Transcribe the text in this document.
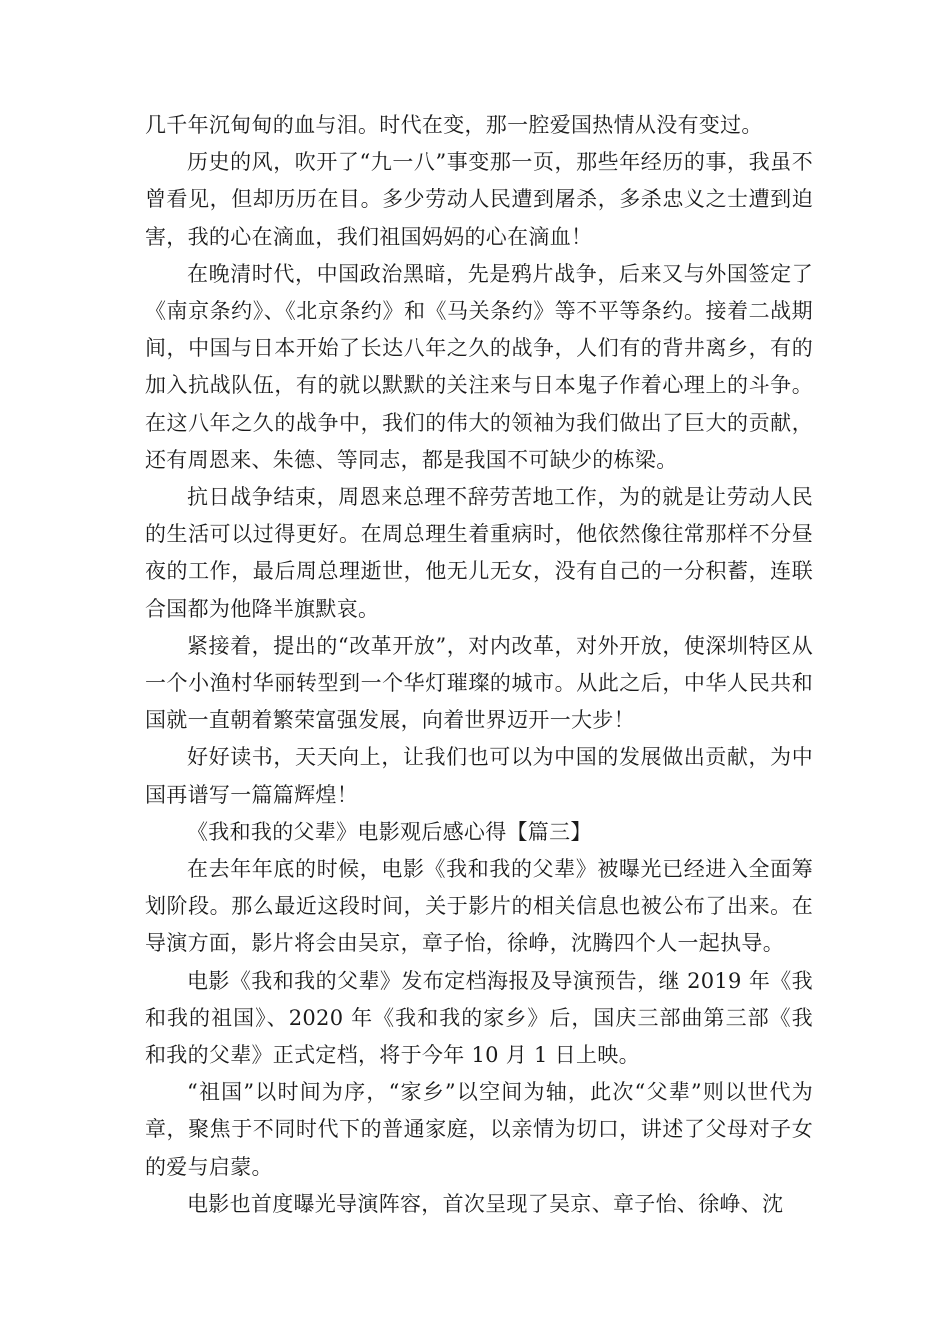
几千年沉甸甸的血与泪。时代在变，那一腔爱国热情从没有变过。

历史的风，吹开了“九一八”事变那一页，那些年经历的事，我虽不曾看见，但却历历在目。多少劳动人民遭到屠杀，多杀忠义之士遭到迫害，我的心在滴血，我们祖国妈妈的心在滴血！

在晚清时代，中国政治黑暗，先是鸦片战争，后来又与外国签定了《南京条约》、《北京条约》和《马关条约》等不平等条约。接着二战期间，中国与日本开始了长达八年之久的战争，人们有的背井离乡，有的加入抗战队伍，有的就以默默的关注来与日本鬼子作着心理上的斗争。在这八年之久的战争中，我们的伟大的领袖为我们做出了巨大的贡献，还有周恩来、朱德、等同志，都是我国不可缺少的栋梁。

抗日战争结束，周恩来总理不辞劳苦地工作，为的就是让劳动人民的生活可以过得更好。在周总理生着重病时，他依然像往常那样不分昼夜的工作，最后周总理逝世，他无儿无女，没有自己的一分积蓄，连联合国都为他降半旗默哀。

紧接着，提出的“改革开放”，对内改革，对外开放，使深圳特区从一个小渔村华丽转型到一个华灯璀璨的城市。从此之后，中华人民共和国就一直朝着繁荣富强发展，向着世界迈开一大步！

好好读书，天天向上，让我们也可以为中国的发展做出贡献，为中国再谱写一篇篇辉煌！

《我和我的父辈》电影观后感心得【篇三】

在去年年底的时候，电影《我和我的父辈》被曝光已经进入全面筹划阶段。那么最近这段时间，关于影片的相关信息也被公布了出来。在导演方面，影片将会由吴京，章子怡，徐峥，沈腾四个人一起执导。

电影《我和我的父辈》发布定档海报及导演预告，继 2019 年《我和我的祖国》、2020 年《我和我的家乡》后，国庆三部曲第三部《我和我的父辈》正式定档，将于今年 10 月 1 日上映。

“祖国”以时间为序，“家乡”以空间为轴，此次“父辈”则以世代为章，聚焦于不同时代下的普通家庭，以亲情为切口，讲述了父母对子女的爱与启蒙。

电影也首度曝光导演阵容，首次呈现了吴京、章子怡、徐峥、沈
